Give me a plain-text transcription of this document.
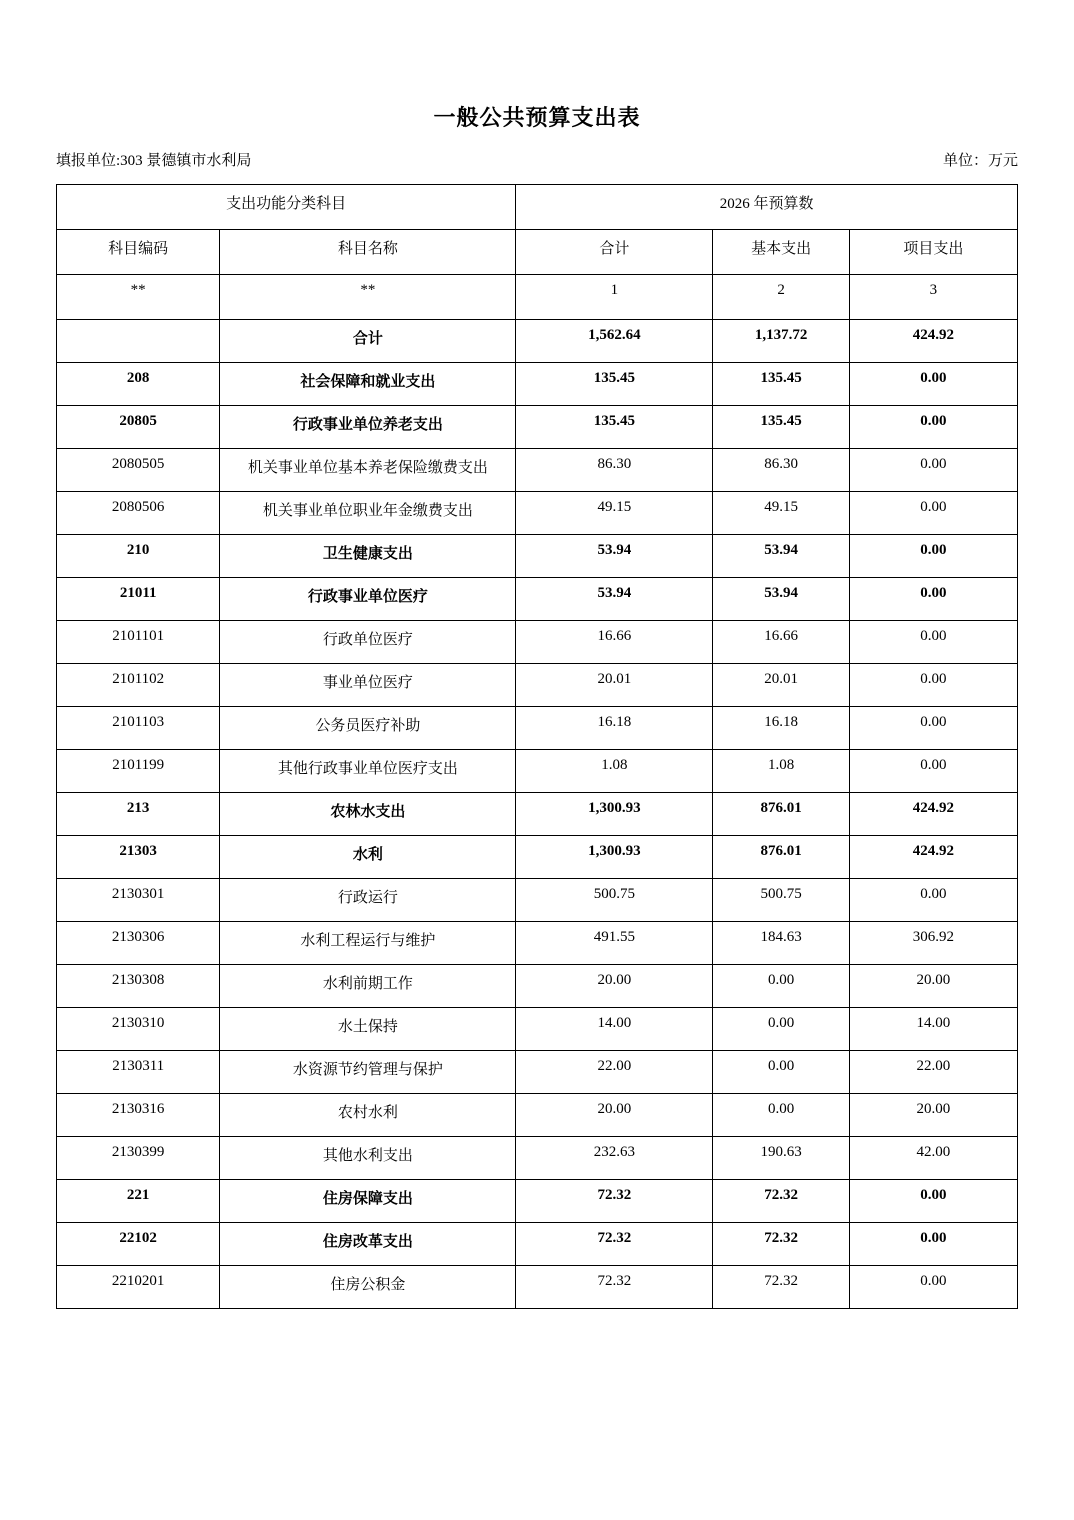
一般公共预算支出表
填报单位:303 景德镇市水利局	单位：万元
支出功能分类科目		2026 年预算数		
科目编码	科目名称	合计	基本支出	项目支出
**	**	1	2	3
	合计	1,562.64	1,137.72	424.92
208	社会保障和就业支出	135.45	135.45	0.00
20805	行政事业单位养老支出	135.45	135.45	0.00
2080505	机关事业单位基本养老保险缴费支出	86.30	86.30	0.00
2080506	机关事业单位职业年金缴费支出	49.15	49.15	0.00
210	卫生健康支出	53.94	53.94	0.00
21011	行政事业单位医疗	53.94	53.94	0.00
2101101	行政单位医疗	16.66	16.66	0.00
2101102	事业单位医疗	20.01	20.01	0.00
2101103	公务员医疗补助	16.18	16.18	0.00
2101199	其他行政事业单位医疗支出	1.08	1.08	0.00
213	农林水支出	1,300.93	876.01	424.92
21303	水利	1,300.93	876.01	424.92
2130301	行政运行	500.75	500.75	0.00
2130306	水利工程运行与维护	491.55	184.63	306.92
2130308	水利前期工作	20.00	0.00	20.00
2130310	水土保持	14.00	0.00	14.00
2130311	水资源节约管理与保护	22.00	0.00	22.00
2130316	农村水利	20.00	0.00	20.00
2130399	其他水利支出	232.63	190.63	42.00
221	住房保障支出	72.32	72.32	0.00
22102	住房改革支出	72.32	72.32	0.00
2210201	住房公积金	72.32	72.32	0.00
